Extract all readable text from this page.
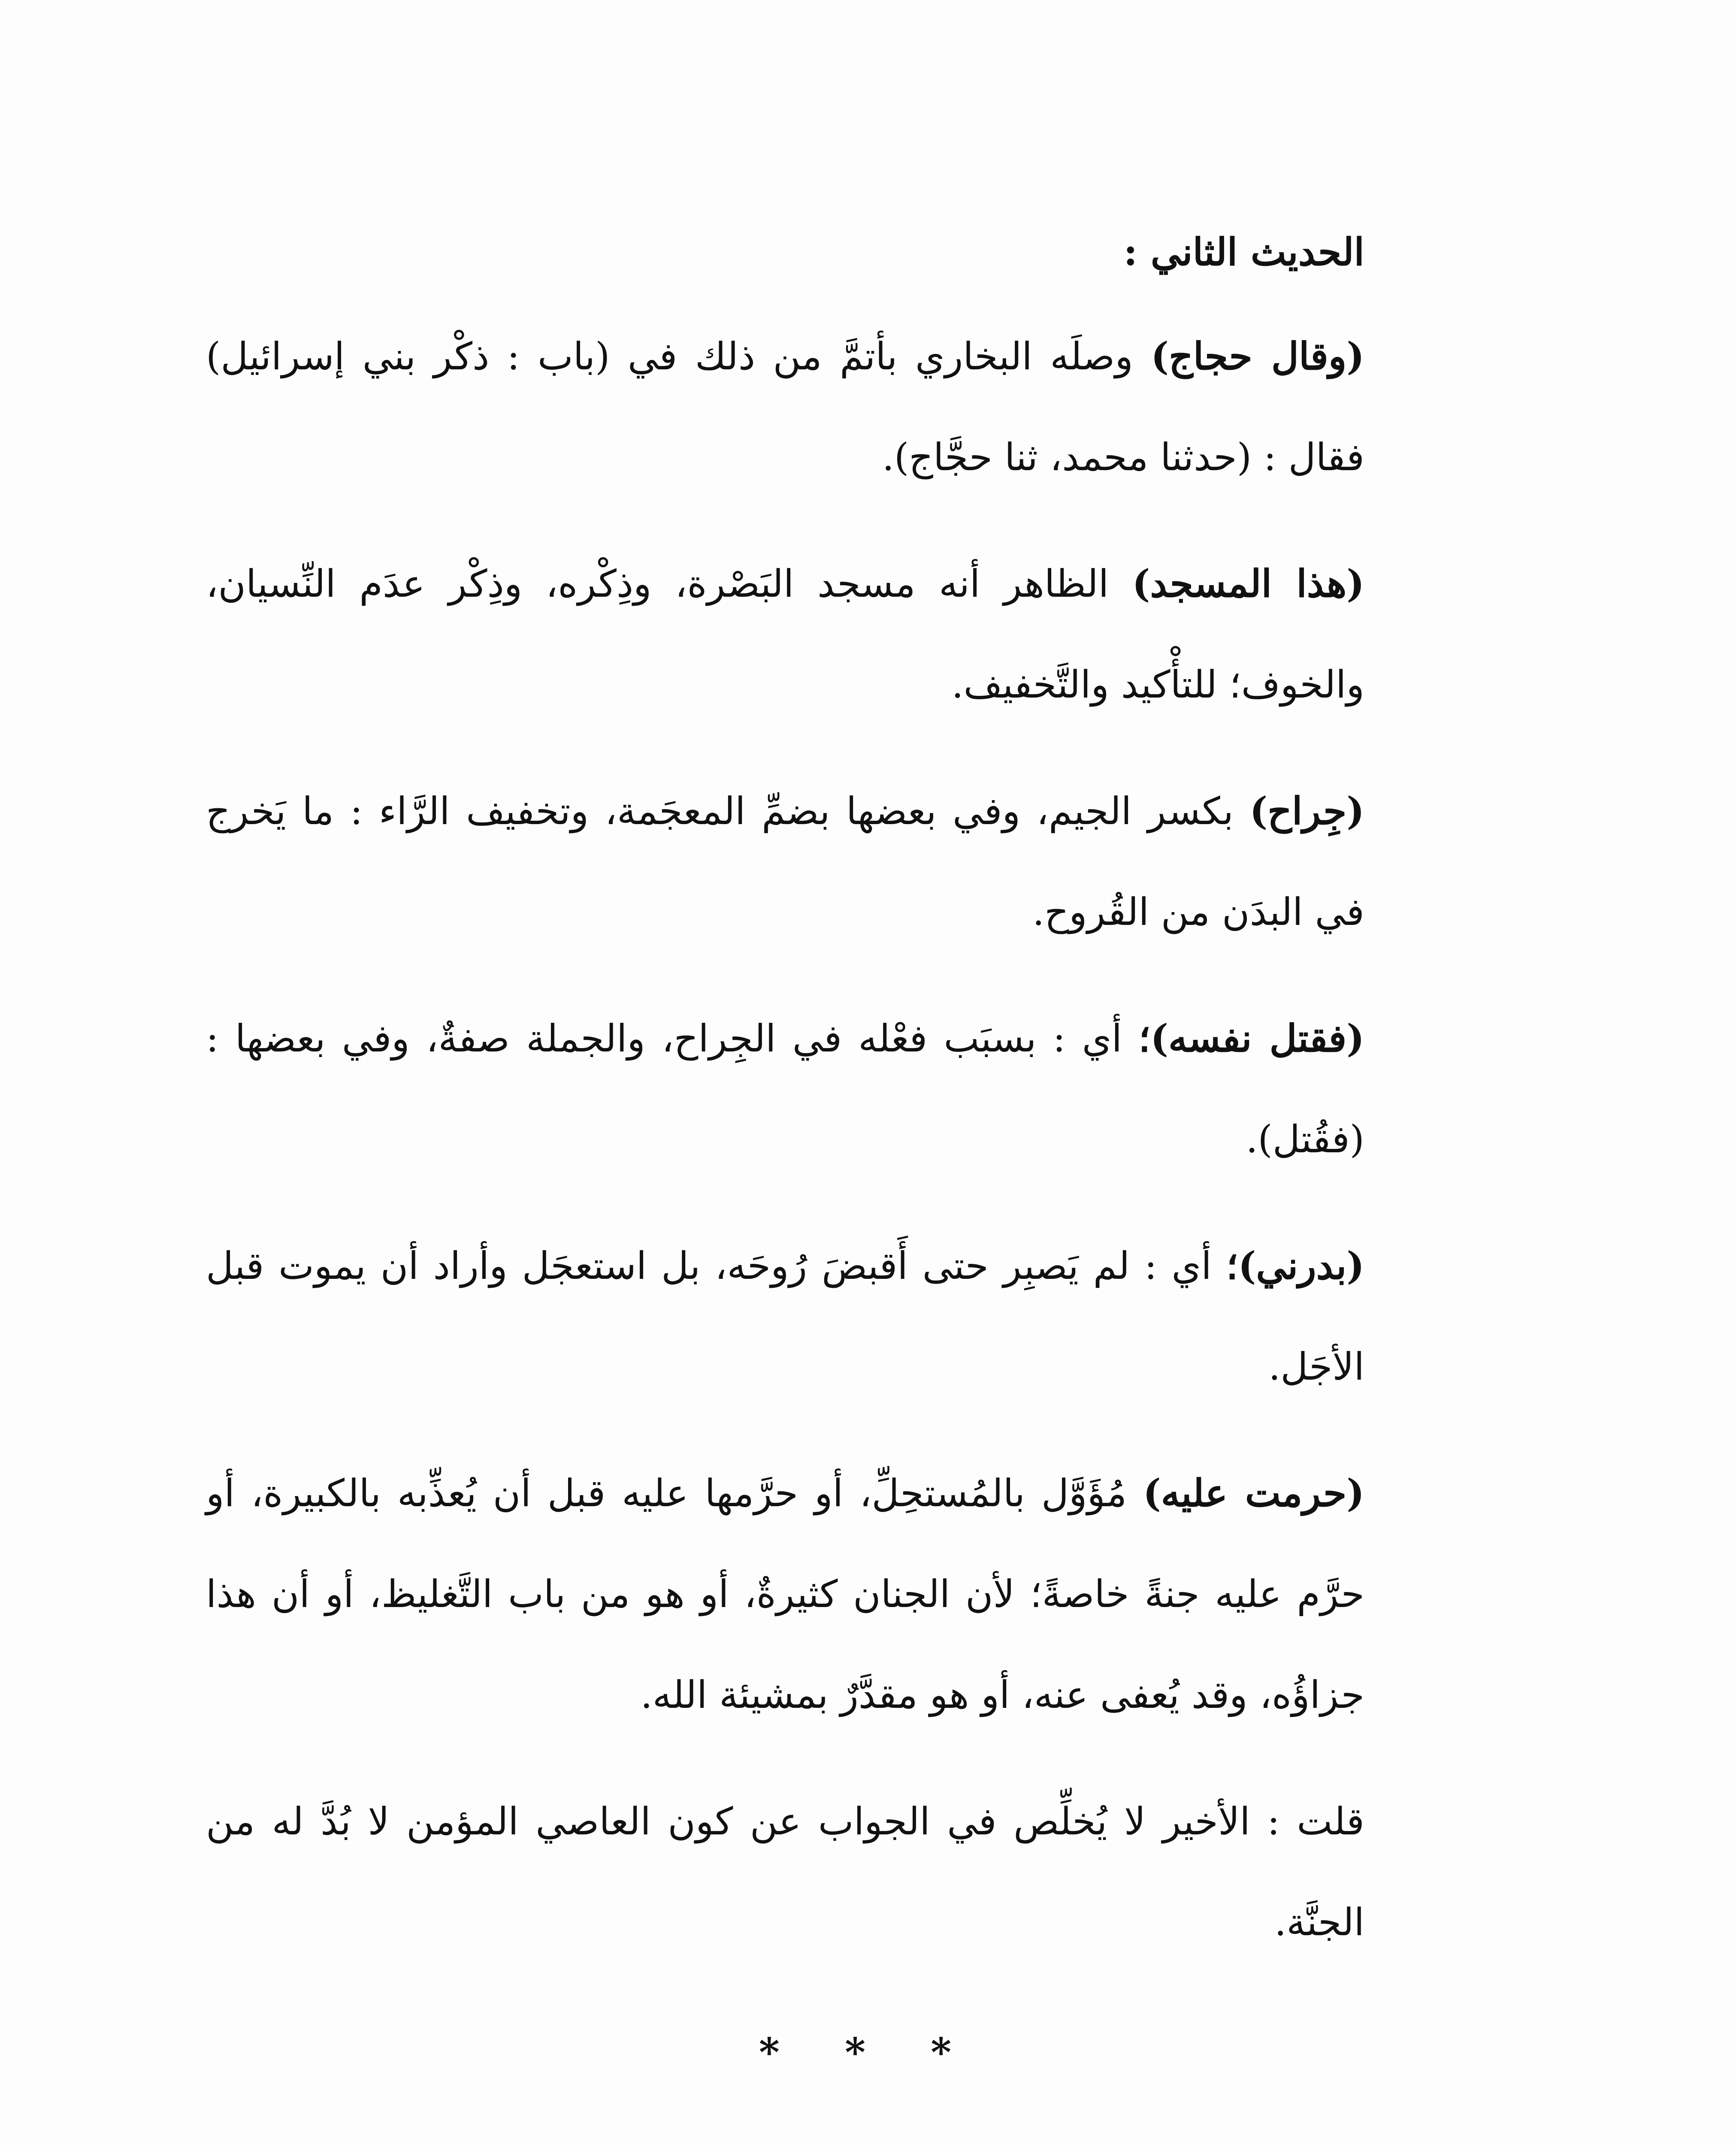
الحديث الثاني :

(وقال حجاج) وصلَه البخاري بأتمَّ من ذلك في (باب : ذكْر بني إسرائيل) فقال : (حدثنا محمد، ثنا حجَّاج).

(هذا المسجد) الظاهر أنه مسجد البَصْرة، وذِكْره، وذِكْر عدَم النِّسيان، والخوف؛ للتأْكيد والتَّخفيف.

(جِراح) بكسر الجيم، وفي بعضها بضمِّ المعجَمة، وتخفيف الرَّاء : ما يَخرج في البدَن من القُروح.

(فقتل نفسه)؛ أي : بسبَب فعْله في الجِراح، والجملة صفةٌ، وفي بعضها : (فقُتل).

(بدرني)؛ أي : لم يَصبِر حتى أَقبضَ رُوحَه، بل استعجَل وأراد أن يموت قبل الأجَل.

(حرمت عليه) مُؤَوَّل بالمُستحِلِّ، أو حرَّمها عليه قبل أن يُعذِّبه بالكبيرة، أو حرَّم عليه جنةً خاصةً؛ لأن الجنان كثيرةٌ، أو هو من باب التَّغليظ، أو أن هذا جزاؤُه، وقد يُعفى عنه، أو هو مقدَّرٌ بمشيئة الله.

قلت : الأخير لا يُخلِّص في الجواب عن كون العاصي المؤمن لا بُدَّ له من الجنَّة.

* * *
